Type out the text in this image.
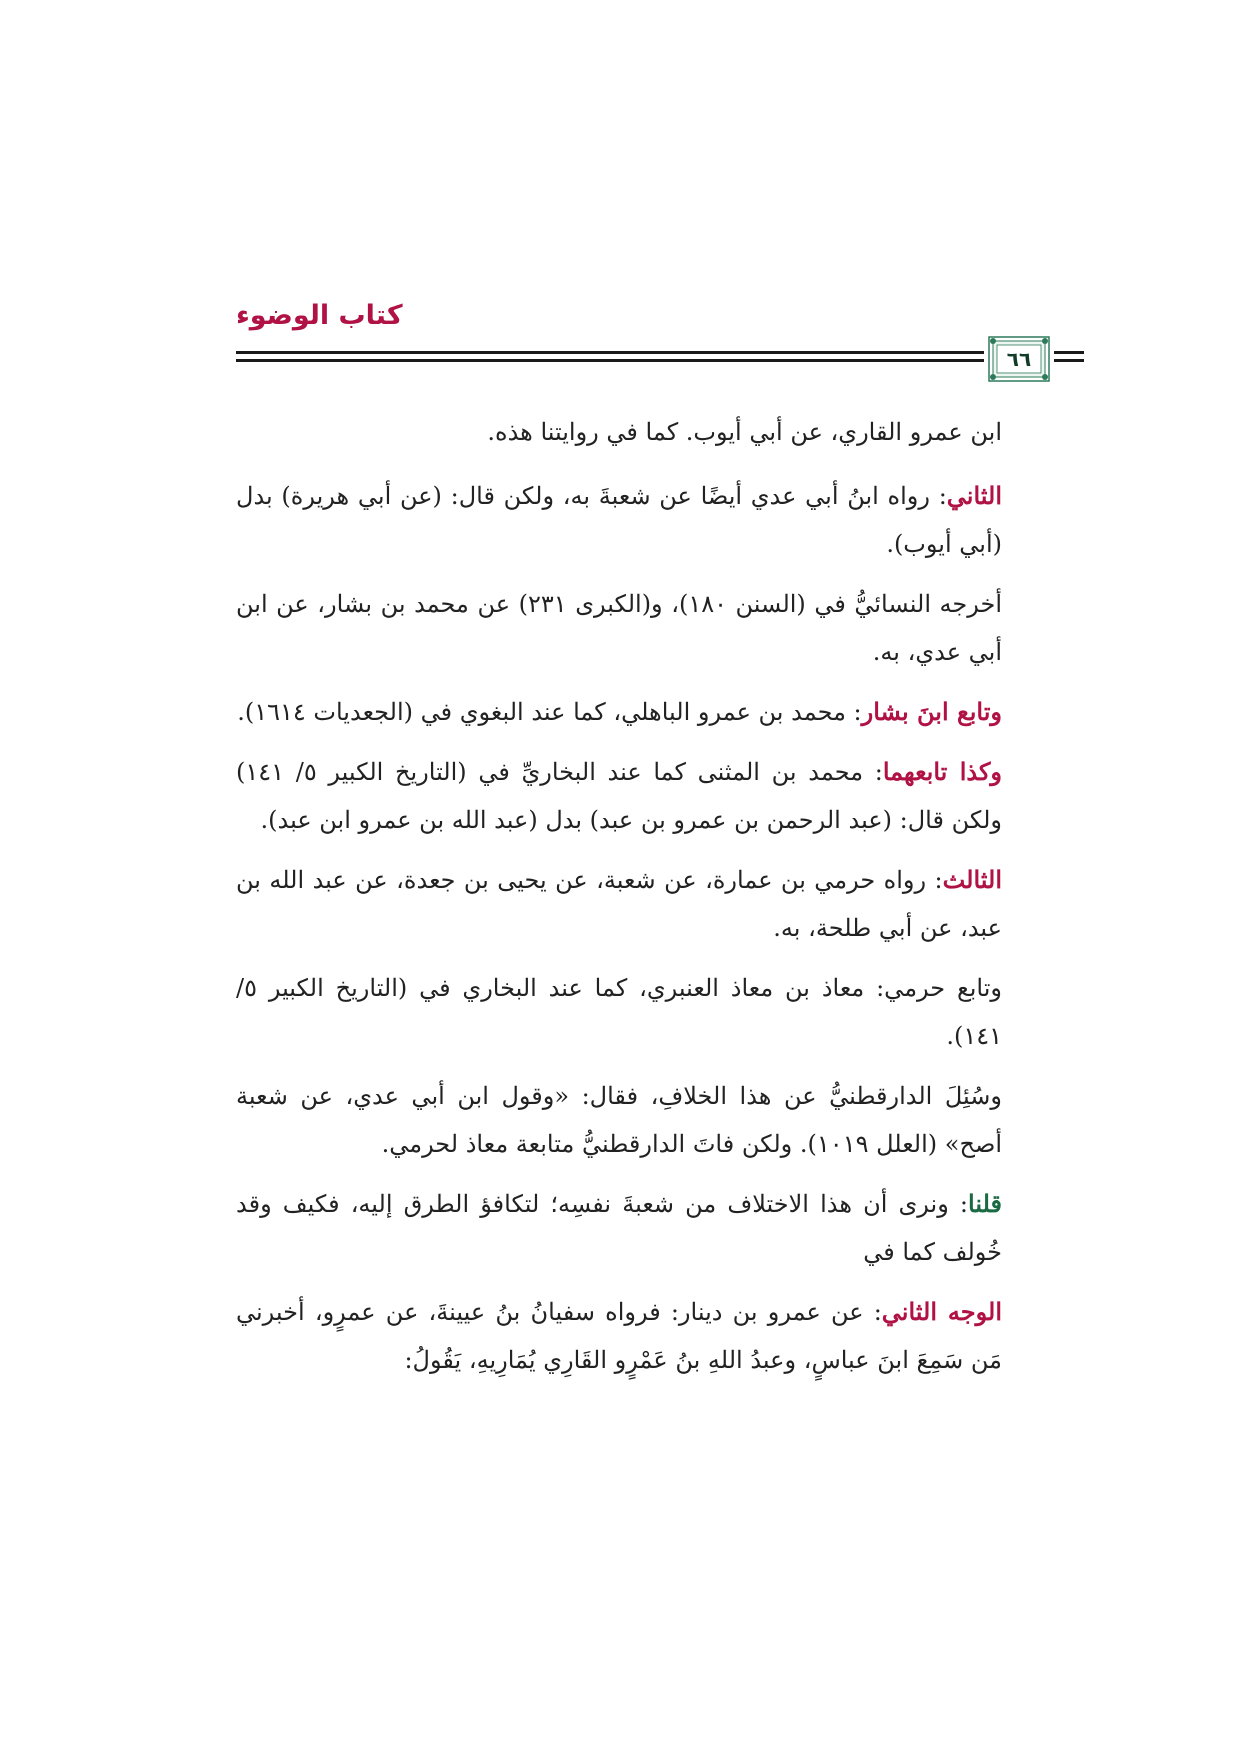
كتاب الوضوء
٦٦

ابن عمرو القاري، عن أبي أيوب. كما في روايتنا هذه.

الثاني: رواه ابنُ أبي عدي أيضًا عن شعبةَ به، ولكن قال: (عن أبي هريرة) بدل (أبي أيوب).

أخرجه النسائيُّ في (السنن ١٨٠)، و(الكبرى ٢٣١) عن محمد بن بشار، عن ابن أبي عدي، به.

وتابع ابنَ بشار: محمد بن عمرو الباهلي، كما عند البغوي في (الجعديات ١٦١٤).

وكذا تابعهما: محمد بن المثنى كما عند البخاريِّ في (التاريخ الكبير ٥/ ١٤١) ولكن قال: (عبد الرحمن بن عمرو بن عبد) بدل (عبد الله بن عمرو ابن عبد).

الثالث: رواه حرمي بن عمارة، عن شعبة، عن يحيى بن جعدة، عن عبد الله بن عبد، عن أبي طلحة، به.

وتابع حرمي: معاذ بن معاذ العنبري، كما عند البخاري في (التاريخ الكبير ٥/ ١٤١).

وسُئِلَ الدارقطنيُّ عن هذا الخلافِ، فقال: «وقول ابن أبي عدي، عن شعبة أصح» (العلل ١٠١٩). ولكن فاتَ الدارقطنيُّ متابعة معاذ لحرمي.

قلنا: ونرى أن هذا الاختلاف من شعبةَ نفسِه؛ لتكافؤ الطرق إليه، فكيف وقد خُولف كما في

الوجه الثاني: عن عمرو بن دينار: فرواه سفيانُ بنُ عيينةَ، عن عمرٍو، أخبرني مَن سَمِعَ ابنَ عباسٍ، وعبدُ اللهِ بنُ عَمْرٍو القَارِي يُمَارِيهِ، يَقُولُ:
